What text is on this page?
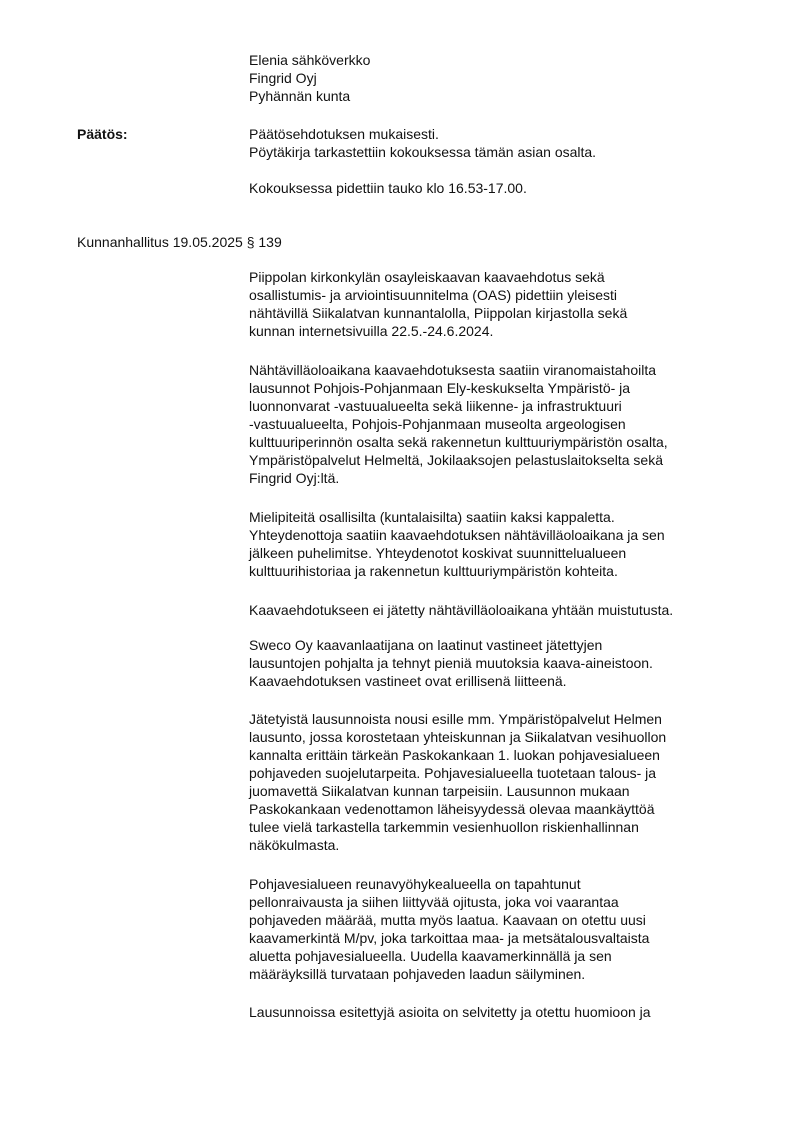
Elenia sähköverkko
Fingrid Oyj
Pyhännän kunta
Päätös:	Päätösehdotuksen mukaisesti.
Pöytäkirja tarkastettiin kokouksessa tämän asian osalta.
Kokouksessa pidettiin tauko klo 16.53-17.00.
Kunnanhallitus 19.05.2025 § 139
Piippolan kirkonkylän osayleiskaavan kaavaehdotus sekä
osallistumis- ja arviointisuunnitelma (OAS) pidettiin yleisesti
nähtävillä Siikalatvan kunnantalolla, Piippolan kirjastolla sekä
kunnan internetsivuilla 22.5.-24.6.2024.
Nähtävilläoloaikana kaavaehdotuksesta saatiin viranomaistahoilta
lausunnot Pohjois-Pohjanmaan Ely-keskukselta Ympäristö- ja
luonnonvarat -vastuualueelta sekä liikenne- ja infrastruktuuri
-vastuualueelta, Pohjois-Pohjanmaan museolta argeologisen
kulttuuriperinnön osalta sekä rakennetun kulttuuriympäristön osalta,
Ympäristöpalvelut Helmeltä, Jokilaaksojen pelastuslaitokselta sekä
Fingrid Oyj:ltä.
Mielipiteitä osallisilta (kuntalaisilta) saatiin kaksi kappaletta.
Yhteydenottoja saatiin kaavaehdotuksen nähtävilläoloaikana ja sen
jälkeen puhelimitse. Yhteydenotot koskivat suunnittelualueen
kulttuurihistoriaa ja rakennetun kulttuuriympäristön kohteita.
Kaavaehdotukseen ei jätetty nähtävilläoloaikana yhtään muistutusta.
Sweco Oy kaavanlaatijana on laatinut vastineet jätettyjen
lausuntojen pohjalta ja tehnyt pieniä muutoksia kaava-aineistoon.
Kaavaehdotuksen vastineet ovat erillisenä liitteenä.
Jätetyistä lausunnoista nousi esille mm. Ympäristöpalvelut Helmen
lausunto, jossa korostetaan yhteiskunnan ja Siikalatvan vesihuollon
kannalta erittäin tärkeän Paskokankaan 1. luokan pohjavesialueen
pohjaveden suojelutarpeita. Pohjavesialueella tuotetaan talous- ja
juomavettä Siikalatvan kunnan tarpeisiin. Lausunnon mukaan
Paskokankaan vedenottamon läheisyydessä olevaa maankäyttöä
tulee vielä tarkastella tarkemmin vesienhuollon riskienhallinnan
näkökulmasta.
Pohjavesialueen reunavyöhykealueella on tapahtunut
pellonraivausta ja siihen liittyvää ojitusta, joka voi vaarantaa
pohjaveden määrää, mutta myös laatua. Kaavaan on otettu uusi
kaavamerkintä M/pv, joka tarkoittaa maa- ja metsätalousvaltaista
aluetta pohjavesialueella. Uudella kaavamerkinnällä ja sen
määräyksillä turvataan pohjaveden laadun säilyminen.
Lausunnoissa esitettyjä asioita on selvitetty ja otettu huomioon ja
